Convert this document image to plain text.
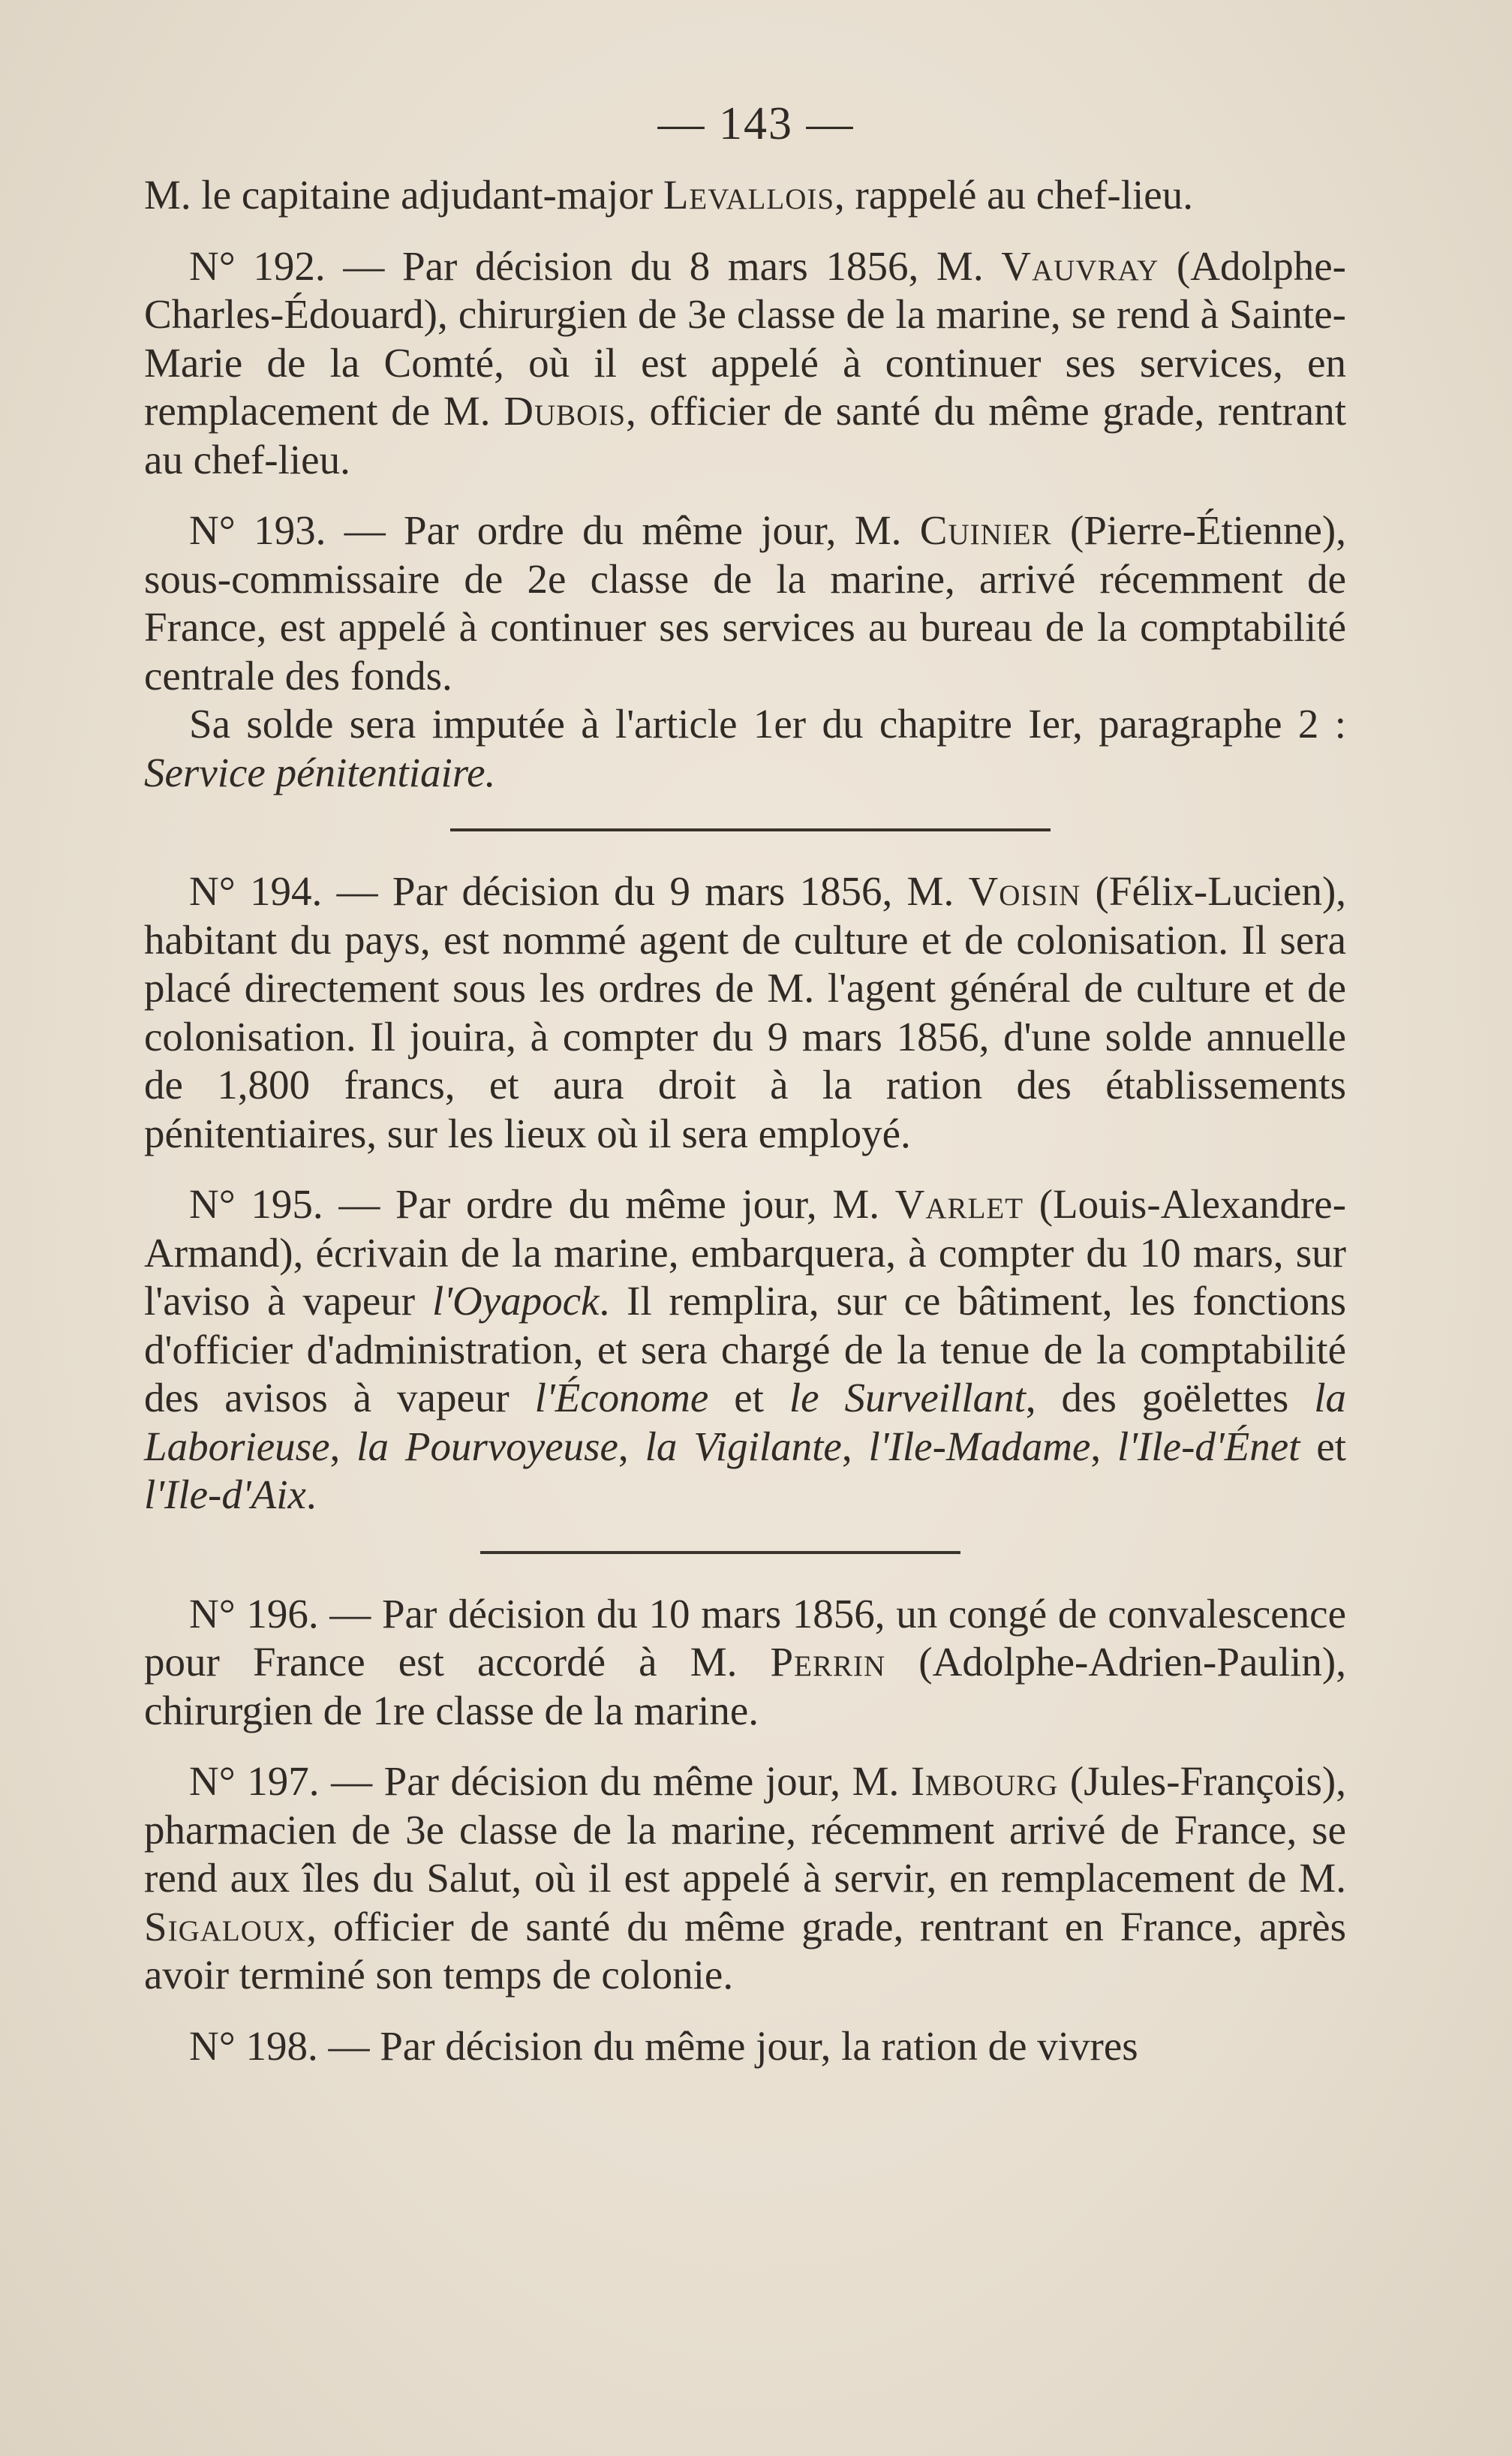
— 143 —

M. le capitaine adjudant-major Levallois, rappelé au chef-lieu.

N° 192. — Par décision du 8 mars 1856, M. Vauvray (Adolphe-Charles-Édouard), chirurgien de 3e classe de la marine, se rend à Sainte-Marie de la Comté, où il est appelé à continuer ses services, en remplacement de M. Dubois, officier de santé du même grade, rentrant au chef-lieu.

N° 193. — Par ordre du même jour, M. Cuinier (Pierre-Étienne), sous-commissaire de 2e classe de la marine, arrivé récemment de France, est appelé à continuer ses services au bureau de la comptabilité centrale des fonds.

Sa solde sera imputée à l'article 1er du chapitre Ier, paragraphe 2 : Service pénitentiaire.

N° 194. — Par décision du 9 mars 1856, M. Voisin (Félix-Lucien), habitant du pays, est nommé agent de culture et de colonisation. Il sera placé directement sous les ordres de M. l'agent général de culture et de colonisation. Il jouira, à compter du 9 mars 1856, d'une solde annuelle de 1,800 francs, et aura droit à la ration des établissements pénitentiaires, sur les lieux où il sera employé.

N° 195. — Par ordre du même jour, M. Varlet (Louis-Alexandre-Armand), écrivain de la marine, embarquera, à compter du 10 mars, sur l'aviso à vapeur l'Oyapock. Il remplira, sur ce bâtiment, les fonctions d'officier d'administration, et sera chargé de la tenue de la comptabilité des avisos à vapeur l'Économe et le Surveillant, des goëlettes la Laborieuse, la Pourvoyeuse, la Vigilante, l'Ile-Madame, l'Ile-d'Énet et l'Ile-d'Aix.

N° 196. — Par décision du 10 mars 1856, un congé de convalescence pour France est accordé à M. Perrin (Adolphe-Adrien-Paulin), chirurgien de 1re classe de la marine.

N° 197. — Par décision du même jour, M. Imbourg (Jules-François), pharmacien de 3e classe de la marine, récemment arrivé de France, se rend aux îles du Salut, où il est appelé à servir, en remplacement de M. Sigaloux, officier de santé du même grade, rentrant en France, après avoir terminé son temps de colonie.

N° 198. — Par décision du même jour, la ration de vivres
